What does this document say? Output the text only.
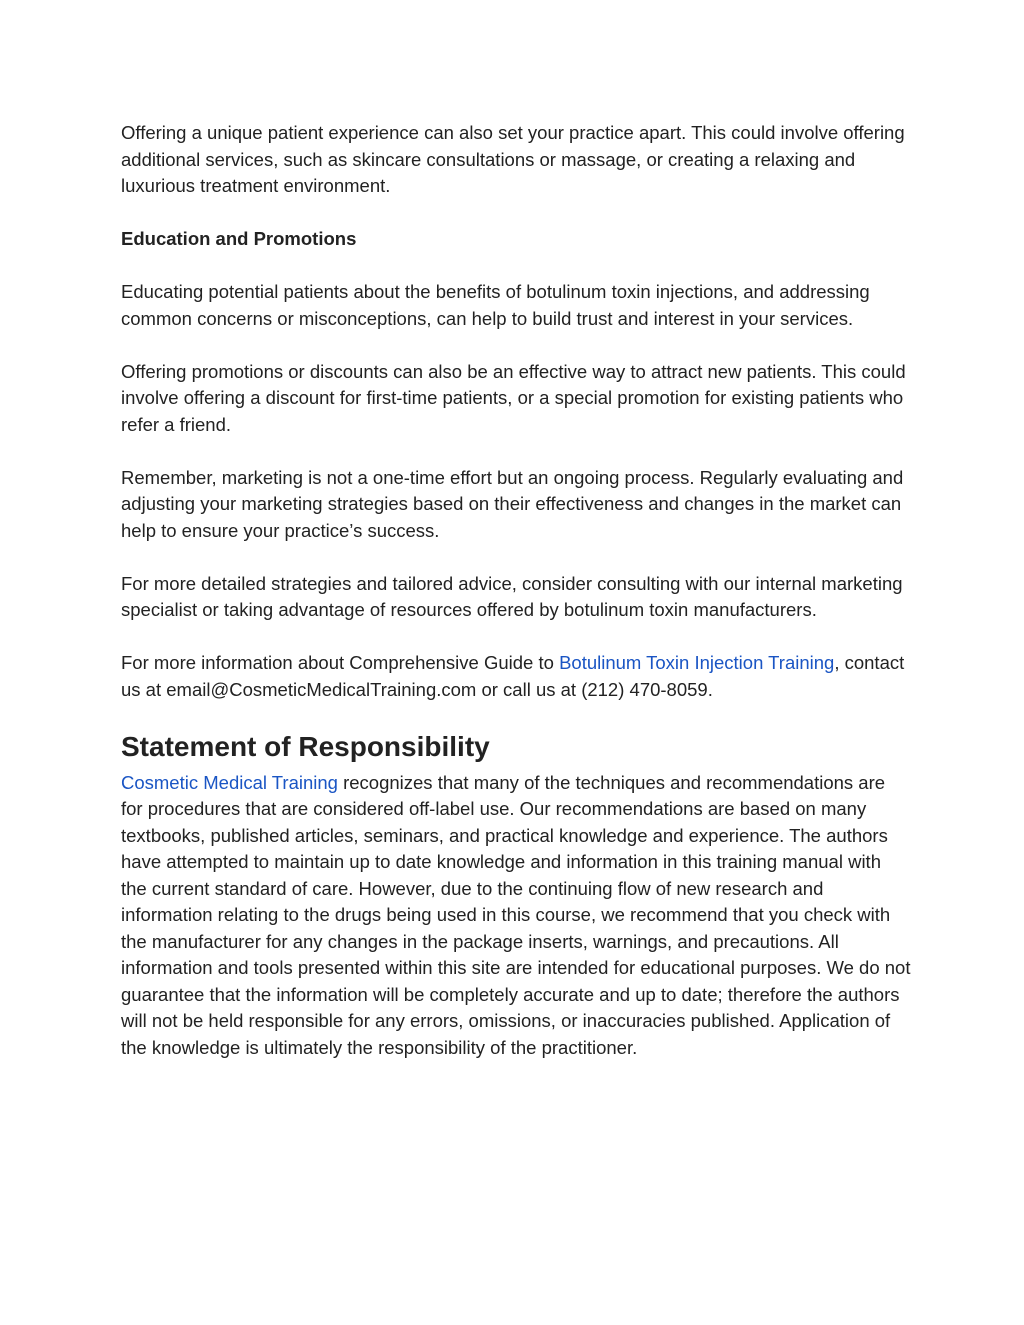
Offering a unique patient experience can also set your practice apart. This could involve offering additional services, such as skincare consultations or massage, or creating a relaxing and luxurious treatment environment.

Education and Promotions

Educating potential patients about the benefits of botulinum toxin injections, and addressing common concerns or misconceptions, can help to build trust and interest in your services.

Offering promotions or discounts can also be an effective way to attract new patients. This could involve offering a discount for first-time patients, or a special promotion for existing patients who refer a friend.

Remember, marketing is not a one-time effort but an ongoing process. Regularly evaluating and adjusting your marketing strategies based on their effectiveness and changes in the market can help to ensure your practice’s success.

For more detailed strategies and tailored advice, consider consulting with our internal marketing specialist or taking advantage of resources offered by botulinum toxin manufacturers.

For more information about Comprehensive Guide to Botulinum Toxin Injection Training, contact us at email@CosmeticMedicalTraining.com or call us at (212) 470-8059.

Statement of Responsibility

Cosmetic Medical Training recognizes that many of the techniques and recommendations are for procedures that are considered off-label use. Our recommendations are based on many textbooks, published articles, seminars, and practical knowledge and experience. The authors have attempted to maintain up to date knowledge and information in this training manual with the current standard of care. However, due to the continuing flow of new research and information relating to the drugs being used in this course, we recommend that you check with the manufacturer for any changes in the package inserts, warnings, and precautions. All information and tools presented within this site are intended for educational purposes. We do not guarantee that the information will be completely accurate and up to date; therefore the authors will not be held responsible for any errors, omissions, or inaccuracies published. Application of the knowledge is ultimately the responsibility of the practitioner.
